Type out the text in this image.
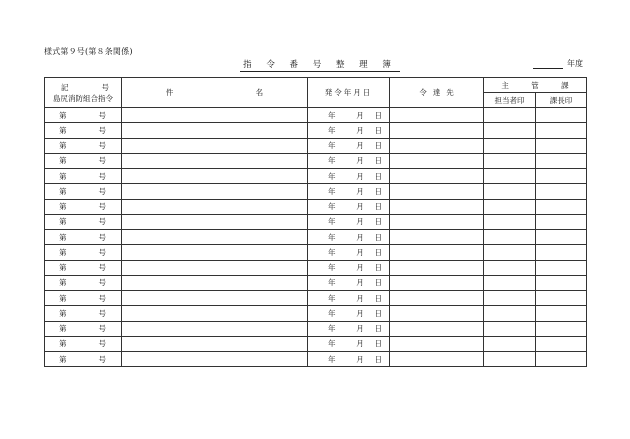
様式第９号(第８条関係)
指 令 番 号 整 理 簿	年度
記 号
島尻消防組合指令	件 名	発令年月日	令達先	主 管 課	
				担当者印	課長印

第 号		年 月 日			

第 号		年 月 日			

第 号		年 月 日			

第 号		年 月 日			

第 号		年 月 日			

第 号		年 月 日			

第 号		年 月 日			

第 号		年 月 日			

第 号		年 月 日			

第 号		年 月 日			

第 号		年 月 日			

第 号		年 月 日			

第 号		年 月 日			

第 号		年 月 日			

第 号		年 月 日			

第 号		年 月 日			

第 号		年 月 日			
